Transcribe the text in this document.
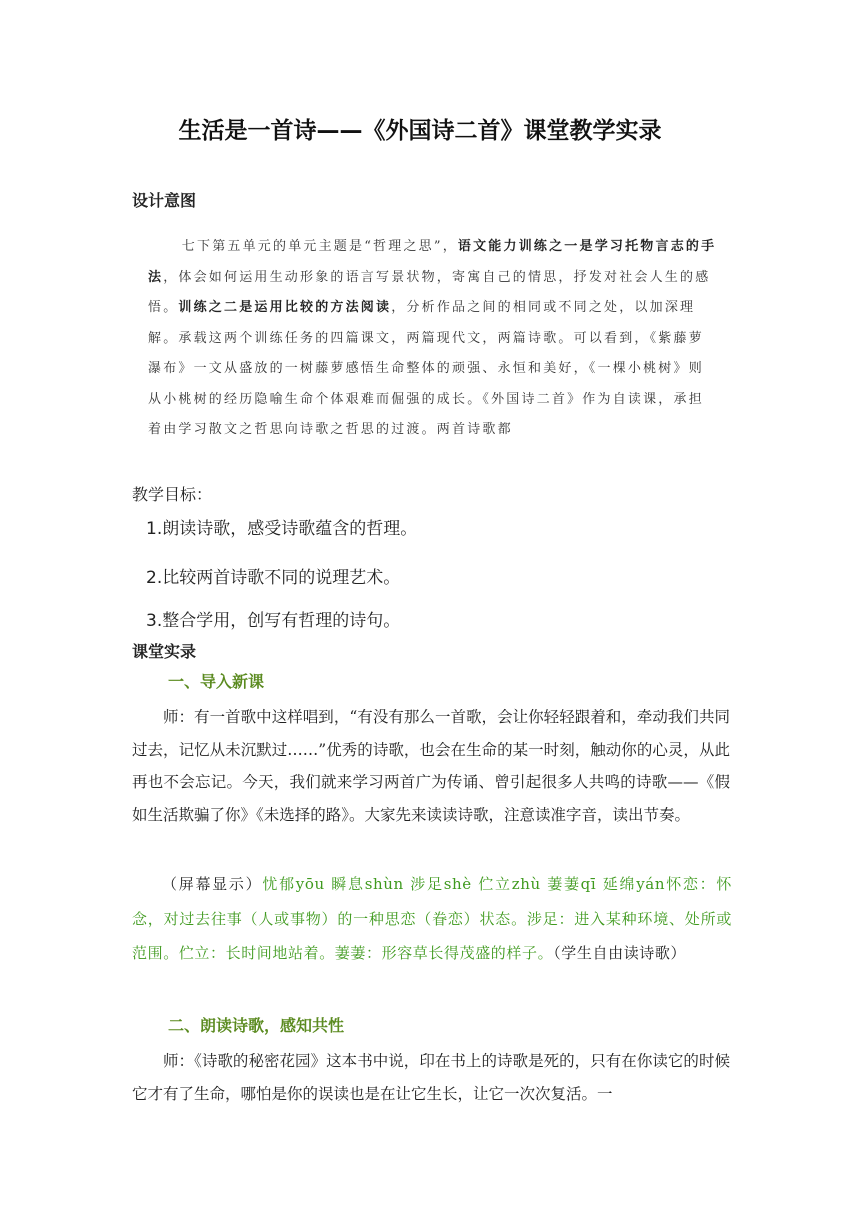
生活是一首诗——《外国诗二首》课堂教学实录
设计意图
七下第五单元的单元主题是“哲理之思”，语文能力训练之一是学习托物言志的手法，体会如何运用生动形象的语言写景状物，寄寓自己的情思，抒发对社会人生的感悟。训练之二是运用比较的方法阅读，分析作品之间的相同或不同之处，以加深理解。承载这两个训练任务的四篇课文，两篇现代文，两篇诗歌。可以看到，《紫藤萝瀑布》一文从盛放的一树藤萝感悟生命整体的顽强、永恒和美好，《一棵小桃树》则从小桃树的经历隐喻生命个体艰难而倔强的成长。《外国诗二首》作为自读课，承担着由学习散文之哲思向诗歌之哲思的过渡。两首诗歌都
教学目标：
1.朗读诗歌，感受诗歌蕴含的哲理。
2.比较两首诗歌不同的说理艺术。
3.整合学用，创写有哲理的诗句。
课堂实录
一、导入新课
师：有一首歌中这样唱到，“有没有那么一首歌，会让你轻轻跟着和，牵动我们共同过去，记忆从未沉默过……”优秀的诗歌，也会在生命的某一时刻，触动你的心灵，从此再也不会忘记。今天，我们就来学习两首广为传诵、曾引起很多人共鸣的诗歌——《假如生活欺骗了你》《未选择的路》。大家先来读读诗歌，注意读准字音，读出节奏。
（屏幕显示）忧郁yōu 瞬息shùn 涉足shè 伫立zhù 萋萋qī 延绵yán怀恋：怀念，对过去往事（人或事物）的一种思恋（眷恋）状态。涉足：进入某种环境、处所或范围。伫立：长时间地站着。萋萋：形容草长得茂盛的样子。（学生自由读诗歌）
二、朗读诗歌，感知共性
师：《诗歌的秘密花园》这本书中说，印在书上的诗歌是死的，只有在你读它的时候它才有了生命，哪怕是你的误读也是在让它生长，让它一次次复活。一
